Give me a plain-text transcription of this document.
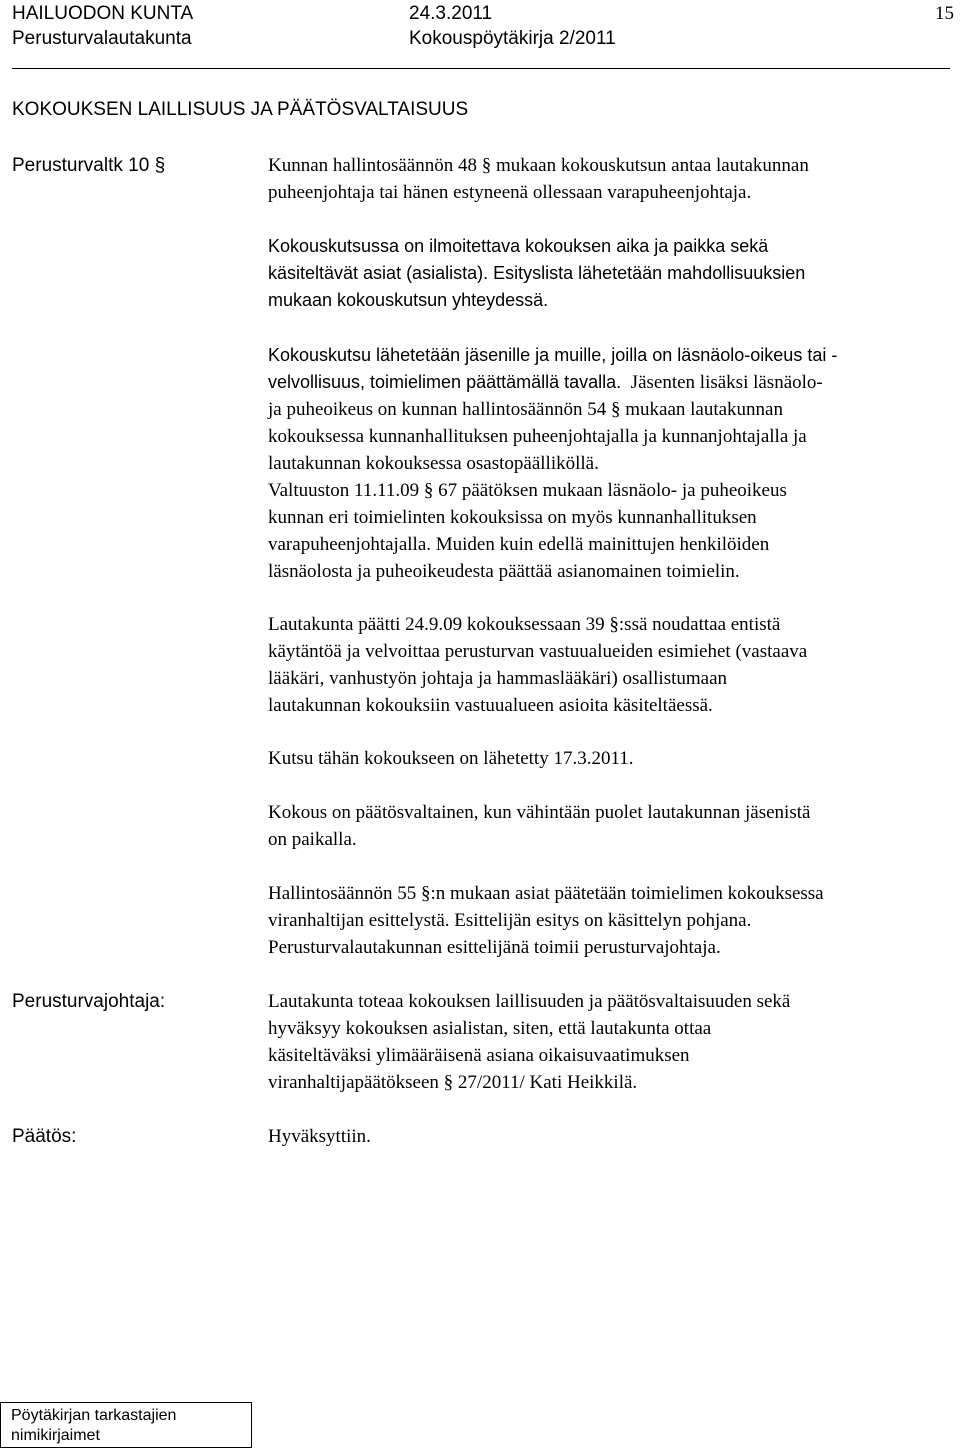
HAILUODON KUNTA	24.3.2011	15
Perusturvalautakunta	Kokouspöytäkirja 2/2011
KOKOUKSEN LAILLISUUS JA PÄÄTÖSVALTAISUUS
Perusturvaltk 10 §	Kunnan hallintosäännön 48 § mukaan kokouskutsun antaa lautakunnan
puheenjohtaja tai hänen estyneenä ollessaan varapuheenjohtaja.
Kokouskutsussa on ilmoitettava kokouksen aika ja paikka sekä
käsiteltävät asiat (asialista). Esityslista lähetetään mahdollisuuksien
mukaan kokouskutsun yhteydessä.
Kokouskutsu lähetetään jäsenille ja muille, joilla on läsnäolo-oikeus tai -
velvollisuus, toimielimen päättämällä tavalla. Jäsenten lisäksi läsnäolo-
ja puheoikeus on kunnan hallintosäännön 54 § mukaan lautakunnan
kokouksessa kunnanhallituksen puheenjohtajalla ja kunnanjohtajalla ja
lautakunnan kokouksessa osastopäälliköllä.
Valtuuston 11.11.09 § 67 päätöksen mukaan läsnäolo- ja puheoikeus
kunnan eri toimielinten kokouksissa on myös kunnanhallituksen
varapuheenjohtajalla. Muiden kuin edellä mainittujen henkilöiden
läsnäolosta ja puheoikeudesta päättää asianomainen toimielin.
Lautakunta päätti 24.9.09 kokouksessaan 39 §:ssä noudattaa entistä
käytäntöä ja velvoittaa perusturvan vastuualueiden esimiehet (vastaava
lääkäri, vanhustyön johtaja ja hammaslääkäri) osallistumaan
lautakunnan kokouksiin vastuualueen asioita käsiteltäessä.
Kutsu tähän kokoukseen on lähetetty 17.3.2011.
Kokous on päätösvaltainen, kun vähintään puolet lautakunnan jäsenistä
on paikalla.
Hallintosäännön 55 §:n mukaan asiat päätetään toimielimen kokouksessa
viranhaltijan esittelystä. Esittelijän esitys on käsittelyn pohjana.
Perusturvalautakunnan esittelijänä toimii perusturvajohtaja.
Perusturvajohtaja:	Lautakunta toteaa kokouksen laillisuuden ja päätösvaltaisuuden sekä
hyväksyy kokouksen asialistan, siten, että lautakunta ottaa
käsiteltäväksi ylimääräisenä asiana oikaisuvaatimuksen
viranhaltijapäätökseen § 27/2011/ Kati Heikkilä.
Päätös:	Hyväksyttiin.
Pöytäkirjan tarkastajien
nimikirjaimet
